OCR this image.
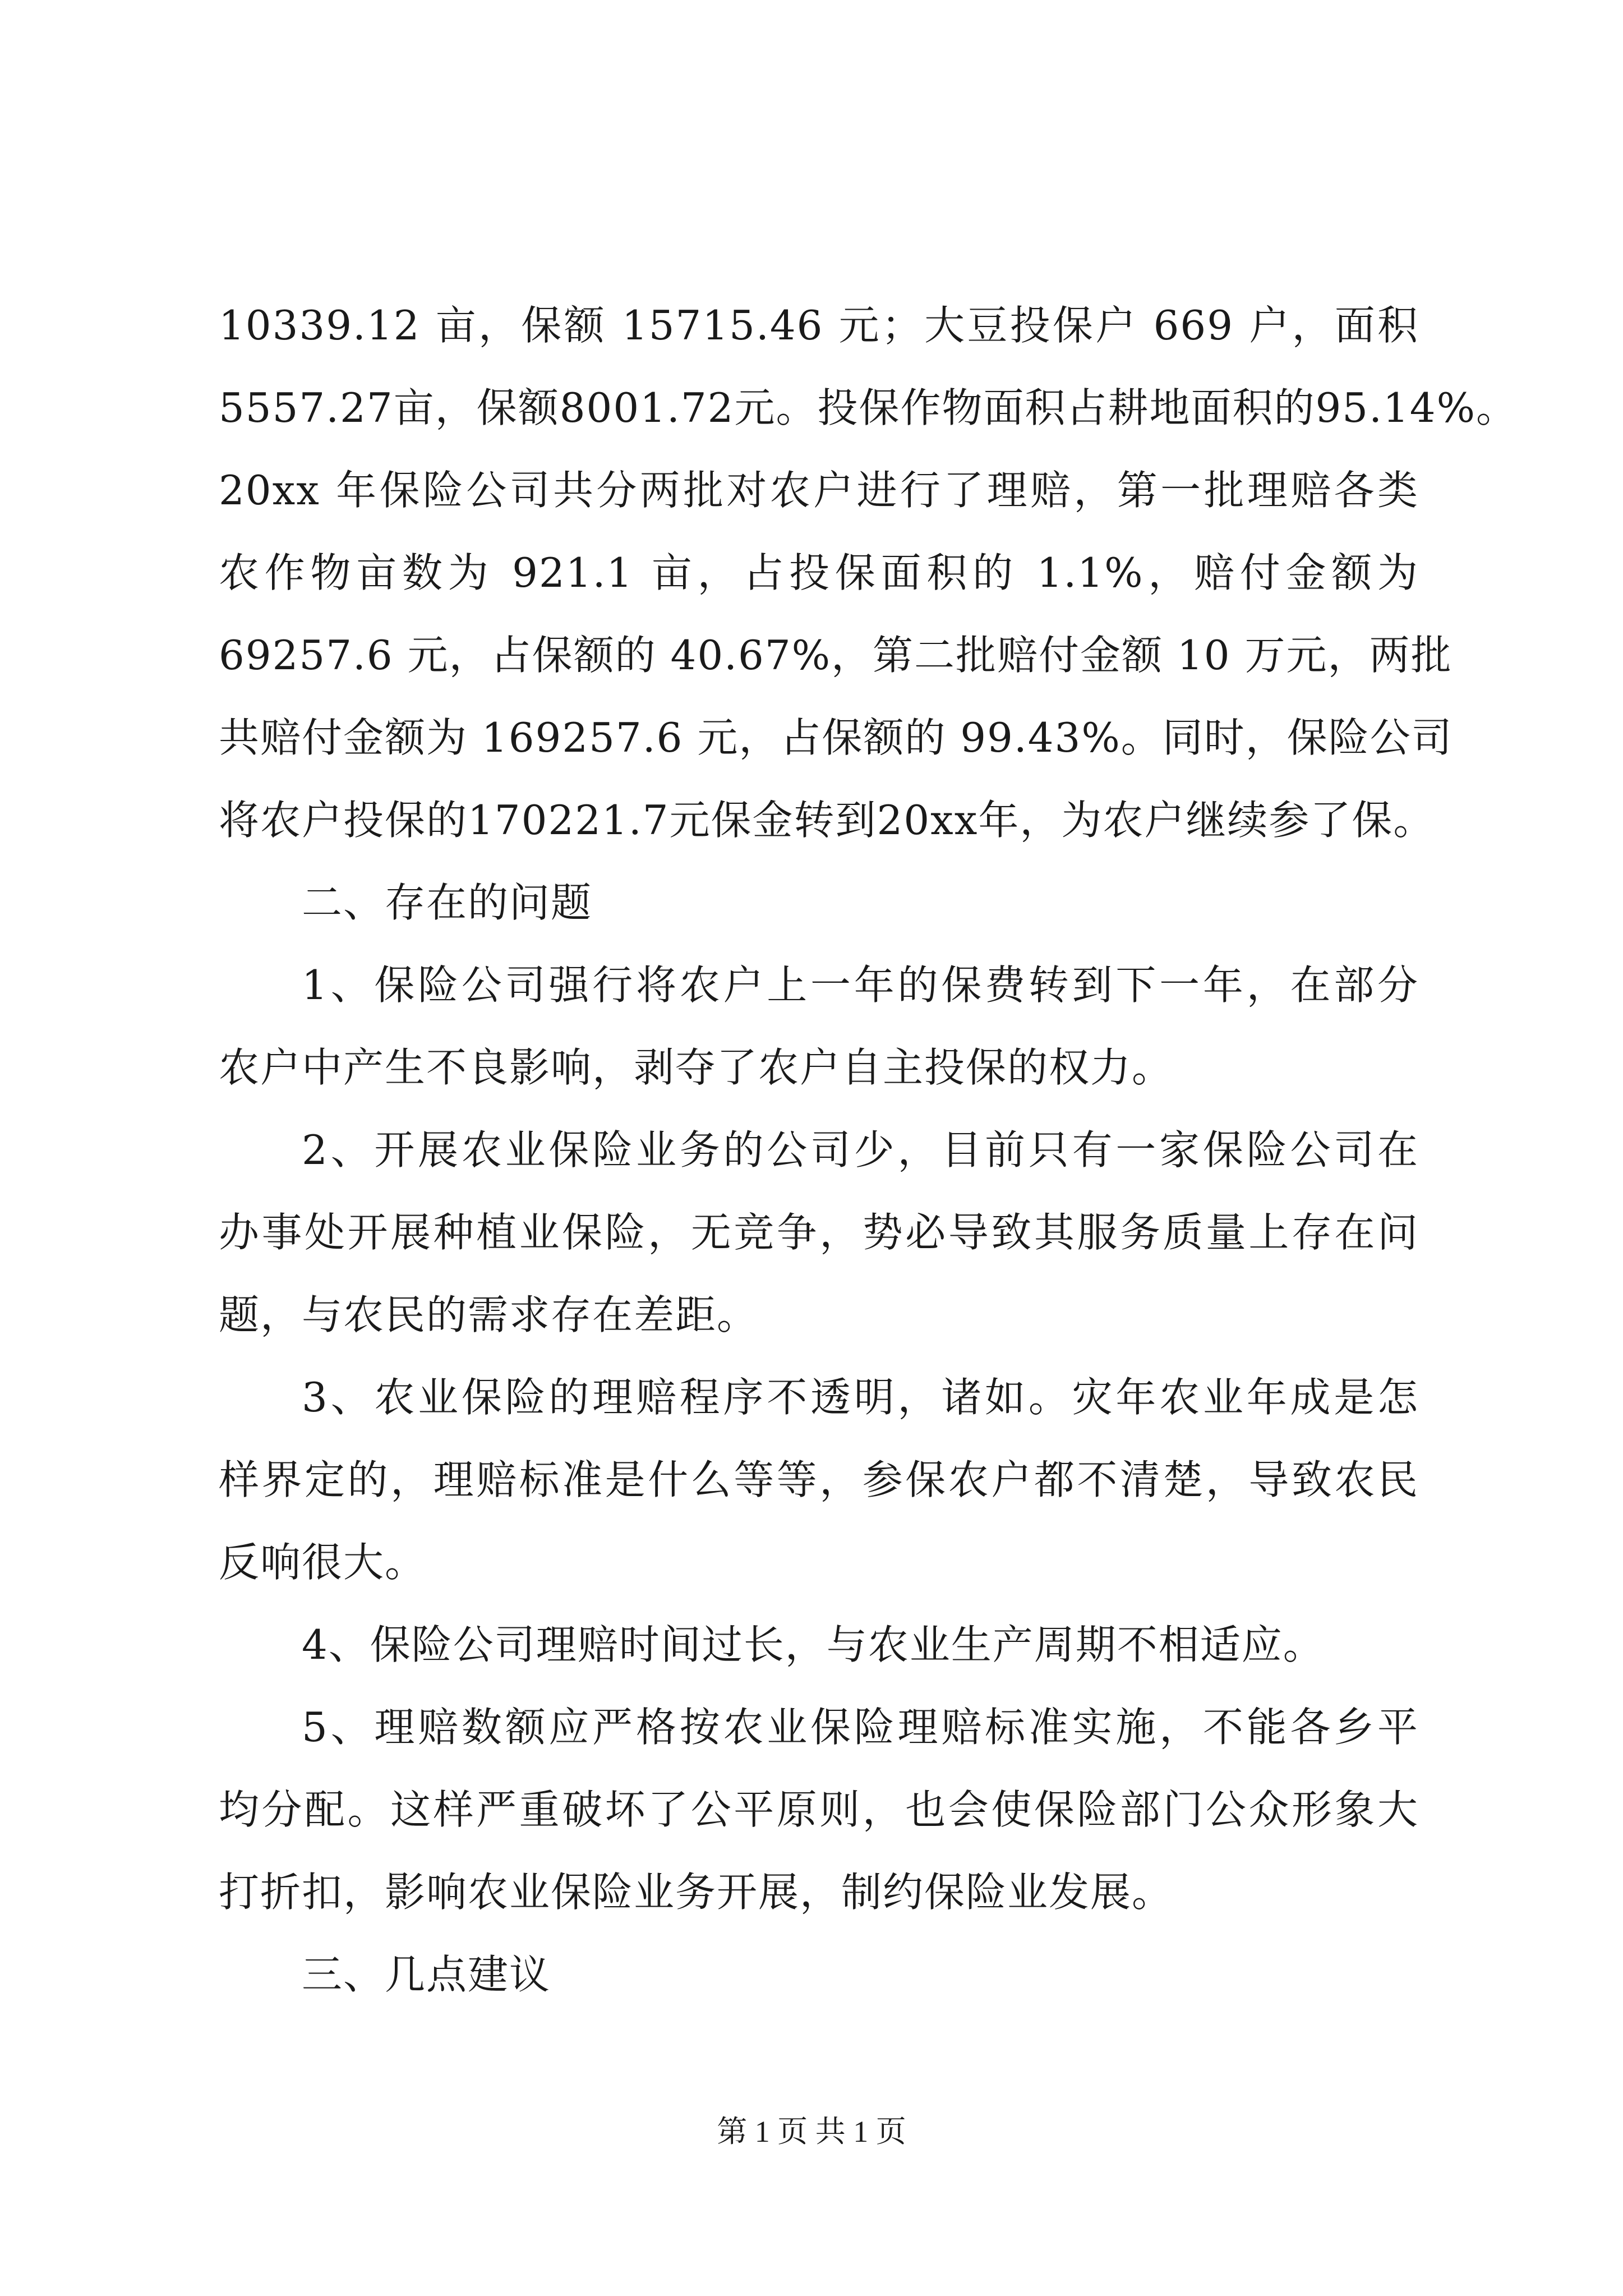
10339.12 亩，保额 15715.46 元；大豆投保户 669 户，面积
5557.27亩，保额8001.72元。投保作物面积占耕地面积的95.14%。
20xx 年保险公司共分两批对农户进行了理赔，第一批理赔各类
农作物亩数为 921.1 亩，占投保面积的 1.1%，赔付金额为
69257.6 元，占保额的 40.67%，第二批赔付金额 10 万元，两批
共赔付金额为 169257.6 元，占保额的 99.43%。同时，保险公司
将农户投保的170221.7元保金转到20xx年，为农户继续参了保。
二、存在的问题
1、保险公司强行将农户上一年的保费转到下一年，在部分
农户中产生不良影响，剥夺了农户自主投保的权力。
2、开展农业保险业务的公司少，目前只有一家保险公司在
办事处开展种植业保险，无竞争，势必导致其服务质量上存在问
题，与农民的需求存在差距。
3、农业保险的理赔程序不透明，诸如。灾年农业年成是怎
样界定的，理赔标准是什么等等，参保农户都不清楚，导致农民
反响很大。
4、保险公司理赔时间过长，与农业生产周期不相适应。
5、理赔数额应严格按农业保险理赔标准实施，不能各乡平
均分配。这样严重破坏了公平原则，也会使保险部门公众形象大
打折扣，影响农业保险业务开展，制约保险业发展。
三、几点建议
第 1 页 共 1 页
